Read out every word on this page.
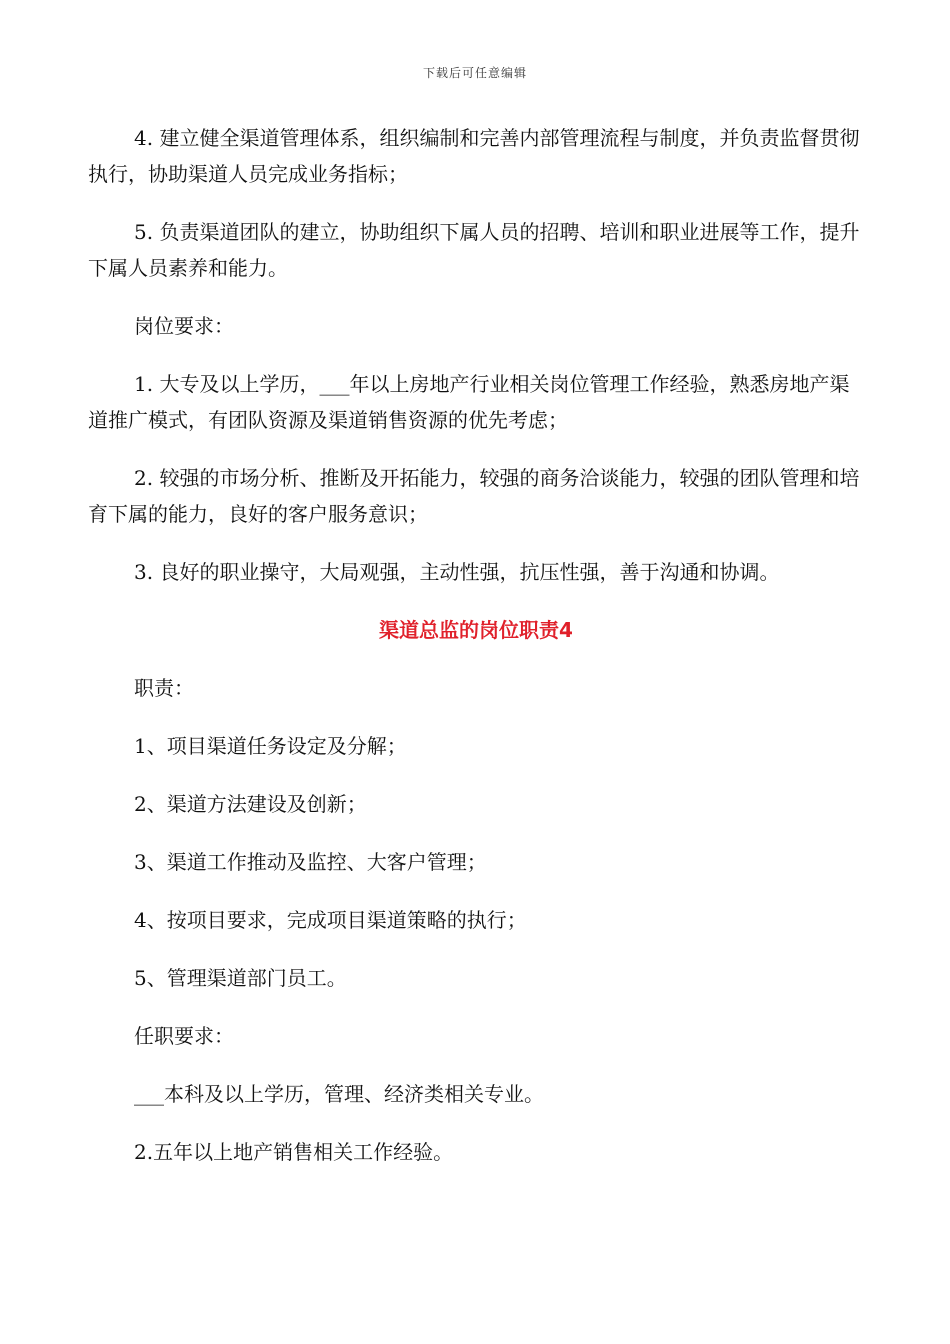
下载后可任意编辑

4. 建立健全渠道管理体系，组织编制和完善内部管理流程与制度，并负责监督贯彻执行，协助渠道人员完成业务指标；

5. 负责渠道团队的建立，协助组织下属人员的招聘、培训和职业进展等工作，提升下属人员素养和能力。

岗位要求：

1. 大专及以上学历，___年以上房地产行业相关岗位管理工作经验，熟悉房地产渠道推广模式，有团队资源及渠道销售资源的优先考虑；

2. 较强的市场分析、推断及开拓能力，较强的商务洽谈能力，较强的团队管理和培育下属的能力，良好的客户服务意识；

3. 良好的职业操守，大局观强，主动性强，抗压性强，善于沟通和协调。

渠道总监的岗位职责4

职责：

1、项目渠道任务设定及分解；

2、渠道方法建设及创新；

3、渠道工作推动及监控、大客户管理；

4、按项目要求，完成项目渠道策略的执行；

5、管理渠道部门员工。

任职要求：

___本科及以上学历，管理、经济类相关专业。

2.五年以上地产销售相关工作经验。
